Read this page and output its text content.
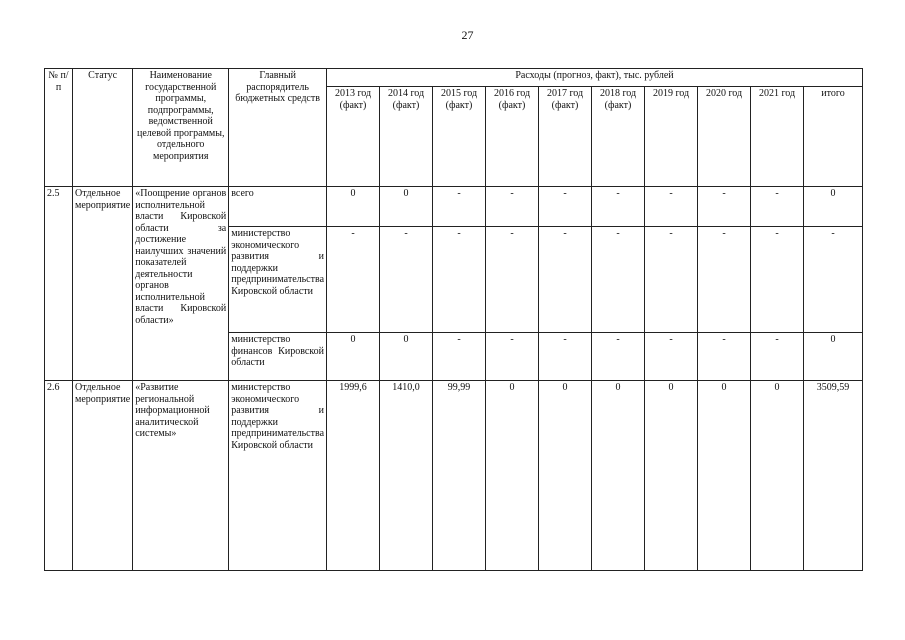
27
№ п/п	Статус	Наименование государственной программы, подпрограммы, ведомственной целевой программы, отдельного мероприятия	Главный распорядитель бюджетных средств	Расходы (прогноз, факт), тыс. рублей									
				2013 год (факт)	2014 год (факт)	2015 год (факт)	2016 год (факт)	2017 год (факт)	2018 год (факт)	2019 год	2020 год	2021 год	итого
2.5	Отдельное мероприятие	«Поощрение органов исполнительной власти Кировской области за достижение наилучших значений показателей деятельности органов исполнительной власти Кировской области»	всего	0	0	-	-	-	-	-	-	-	0
			министерство экономического развития и поддержки предпринимательства Кировской области	-	-	-	-	-	-	-	-	-	-
			министерство финансов Кировской области	0	0	-	-	-	-	-	-	-	0
2.6	Отдельное мероприятие	«Развитие региональной информационной аналитической системы»	министерство экономического развития и поддержки предпринимательства Кировской области	1999,6	1410,0	99,99	0	0	0	0	0	0	3509,59
